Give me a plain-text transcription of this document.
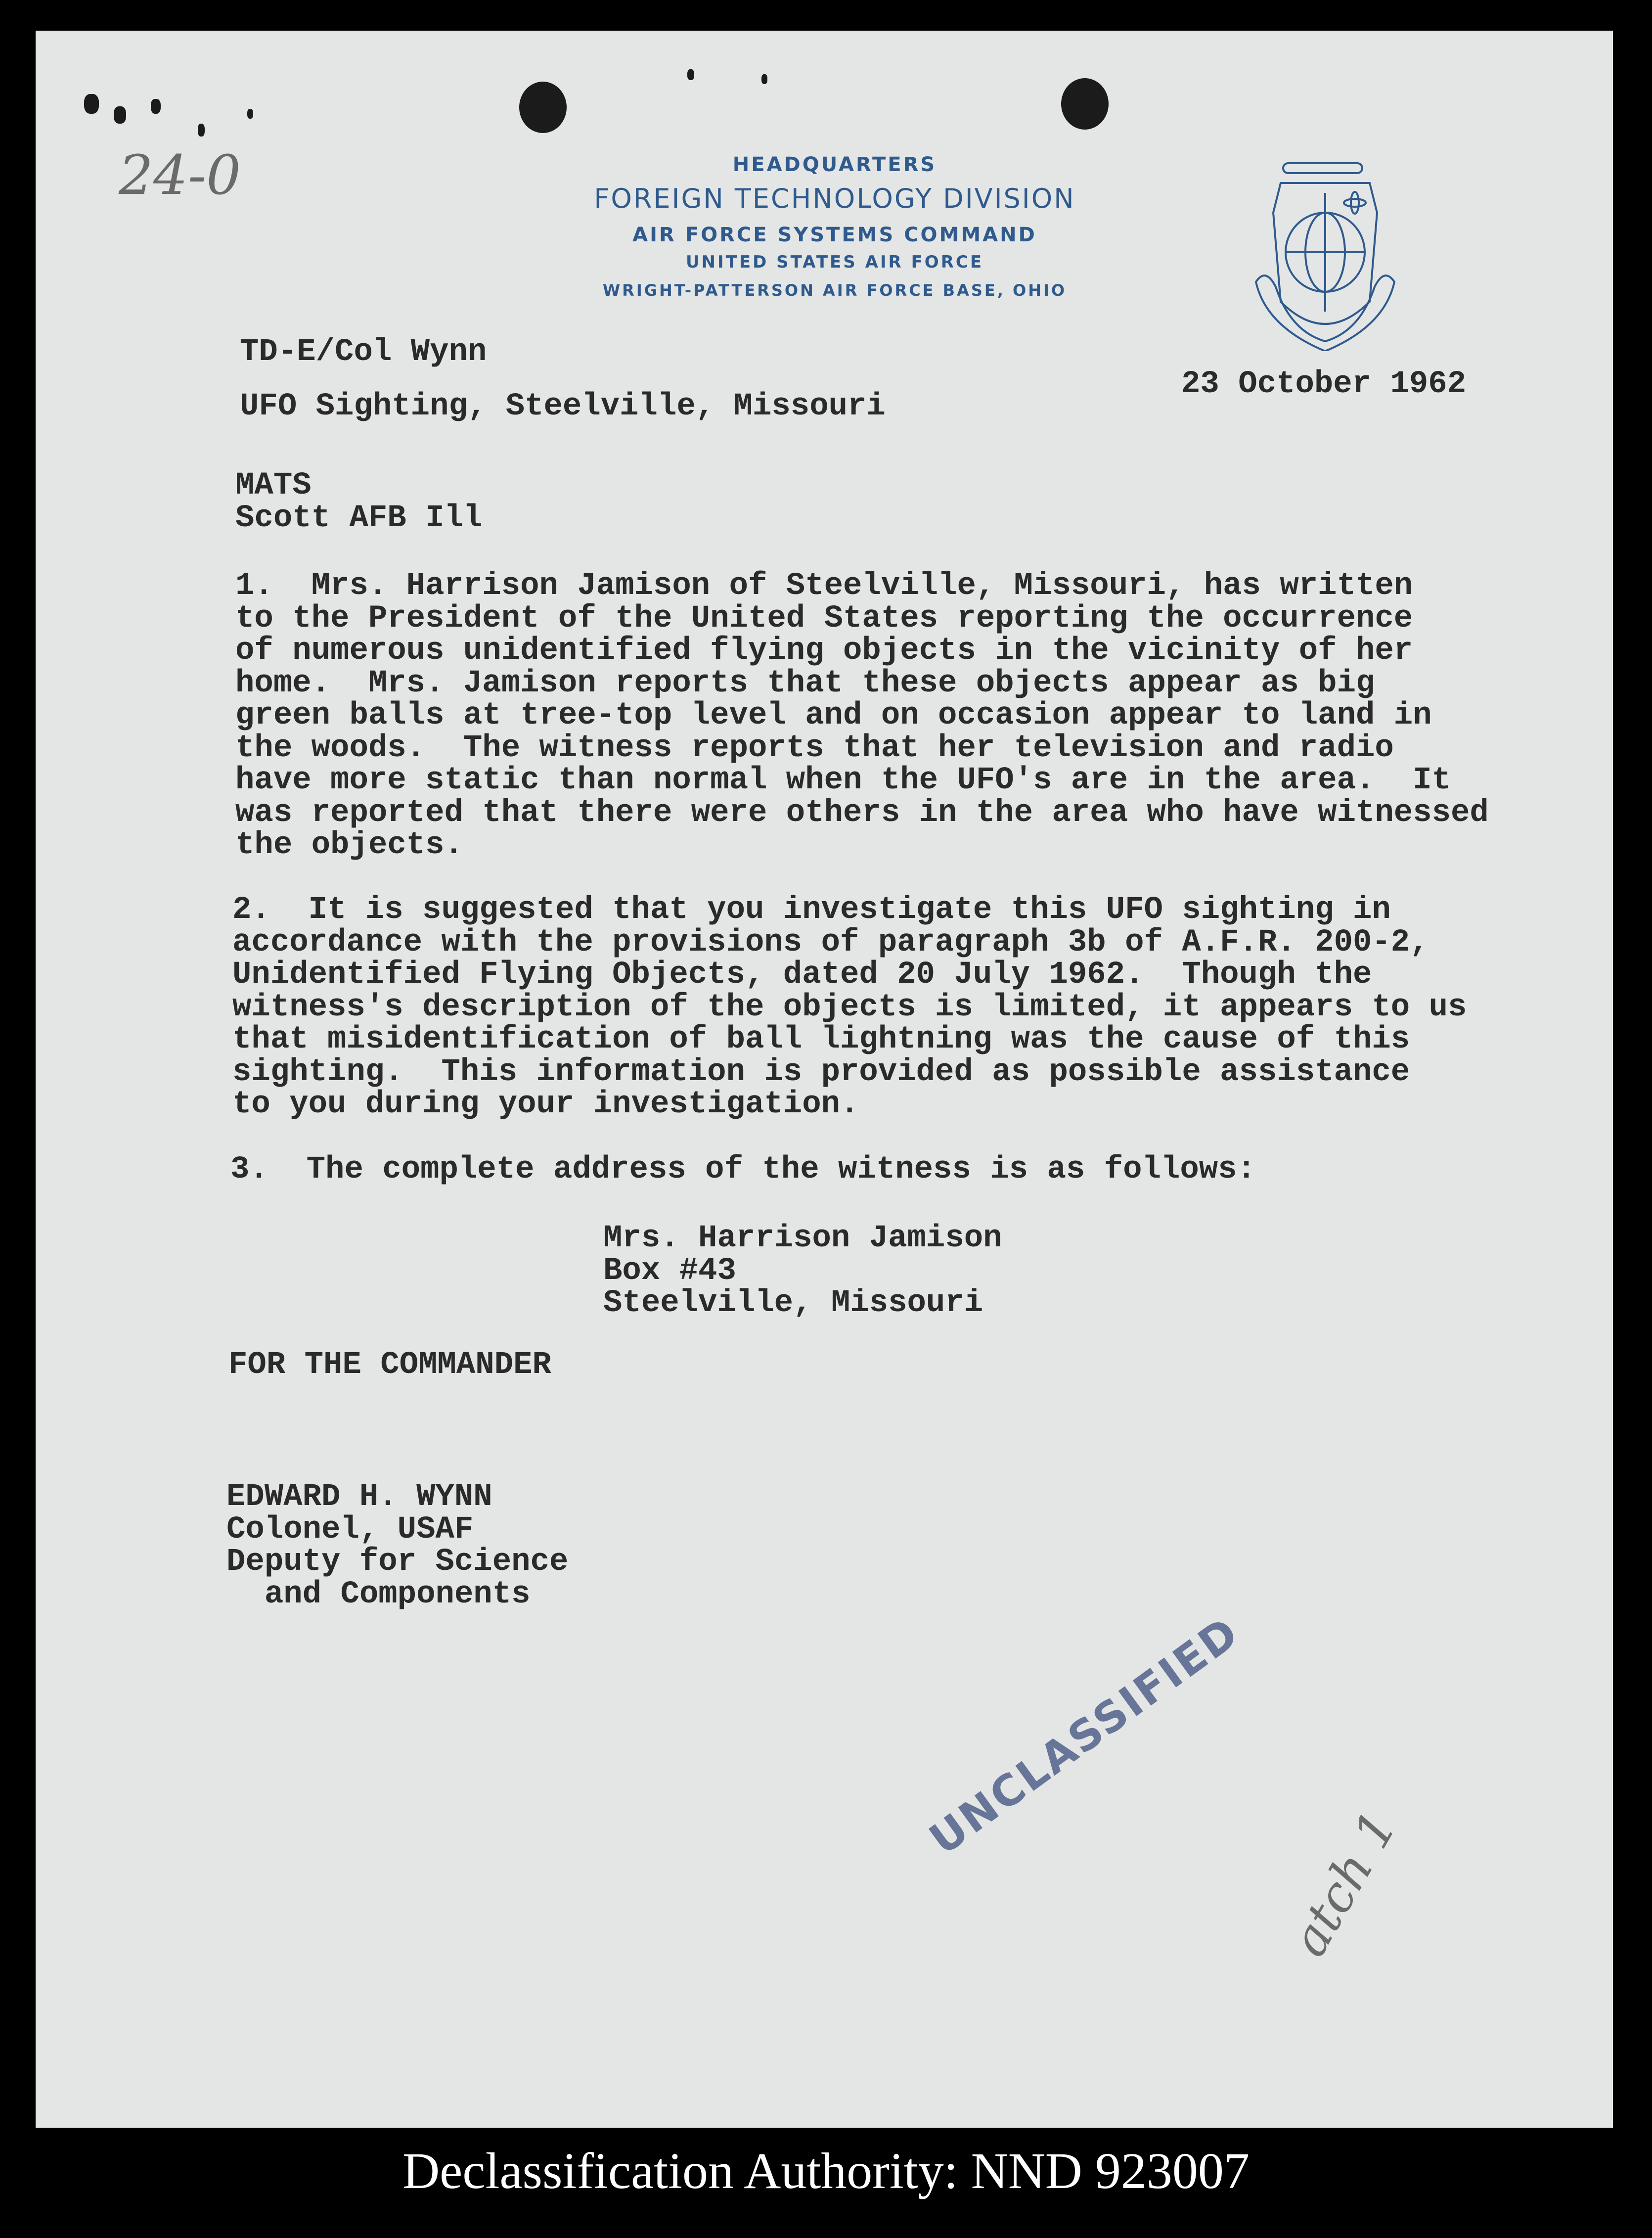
24-0	HEADQUARTERS
FOREIGN TECHNOLOGY DIVISION
AIR FORCE SYSTEMS COMMAND
UNITED STATES AIR FORCE
WRIGHT-PATTERSON AIR FORCE BASE, OHIO
TD-E/Col Wynn
UFO Sighting, Steelville, Missouri
23 October 1962
MATS
Scott AFB Ill
1.  Mrs. Harrison Jamison of Steelville, Missouri, has written
to the President of the United States reporting the occurrence
of numerous unidentified flying objects in the vicinity of her
home.  Mrs. Jamison reports that these objects appear as big
green balls at tree-top level and on occasion appear to land in
the woods.  The witness reports that her television and radio
have more static than normal when the UFO's are in the area.  It
was reported that there were others in the area who have witnessed
the objects.
2.  It is suggested that you investigate this UFO sighting in
accordance with the provisions of paragraph 3b of A.F.R. 200-2,
Unidentified Flying Objects, dated 20 July 1962.  Though the
witness's description of the objects is limited, it appears to us
that misidentification of ball lightning was the cause of this
sighting.  This information is provided as possible assistance
to you during your investigation.
3.  The complete address of the witness is as follows:
Mrs. Harrison Jamison
Box #43
Steelville, Missouri
FOR THE COMMANDER
EDWARD H. WYNN
Colonel, USAF
Deputy for Science
and Components
UNCLASSIFIED
atch 1
Declassification Authority: NND 923007
